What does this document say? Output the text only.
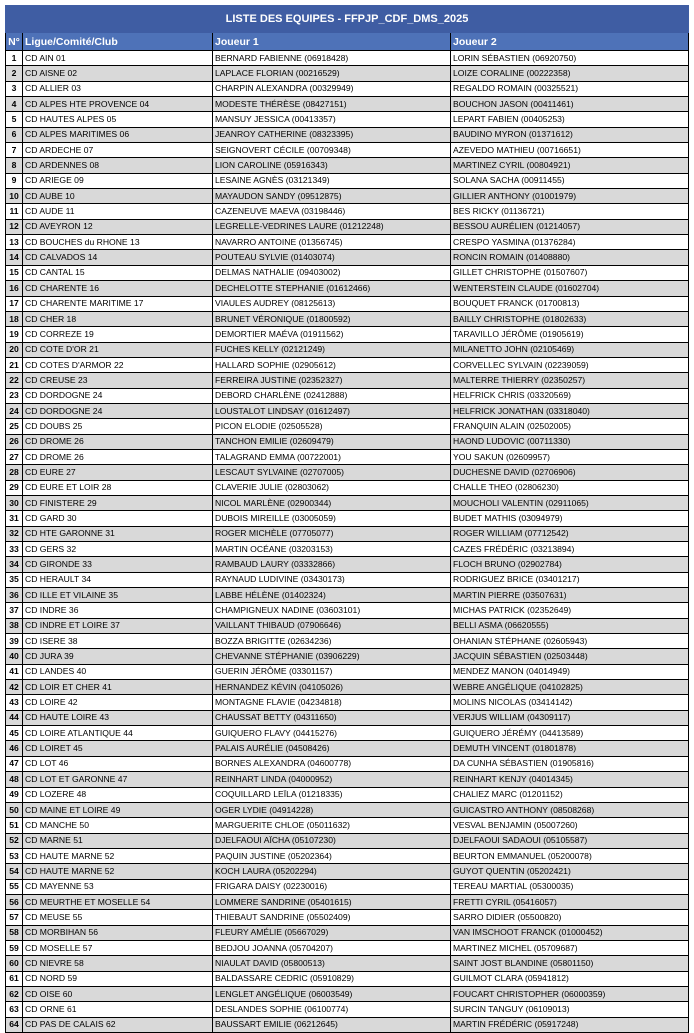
LISTE DES EQUIPES - FFPJP_CDF_DMS_2025			
N°	Ligue/Comité/Club	Joueur 1	Joueur 2
1	CD AIN 01	BERNARD FABIENNE (06918428)	LORIN SÉBASTIEN (06920750)
2	CD AISNE 02	LAPLACE FLORIAN (00216529)	LOIZE CORALINE (00222358)
3	CD ALLIER 03	CHARPIN ALEXANDRA (00329949)	REGALDO ROMAIN (00325521)
4	CD ALPES HTE PROVENCE 04	MODESTE THÉRÈSE (08427151)	BOUCHON JASON (00411461)
5	CD HAUTES ALPES 05	MANSUY JESSICA (00413357)	LEPART FABIEN (00405253)
6	CD ALPES MARITIMES 06	JEANROY CATHERINE (08323395)	BAUDINO MYRON (01371612)
7	CD ARDECHE 07	SEIGNOVERT CÉCILE (00709348)	AZEVEDO MATHIEU (00716651)
8	CD ARDENNES 08	LION CAROLINE (05916343)	MARTINEZ CYRIL (00804921)
9	CD ARIEGE 09	LESAINE AGNÈS (03121349)	SOLANA SACHA (00911455)
10	CD AUBE 10	MAYAUDON SANDY (09512875)	GILLIER ANTHONY (01001979)
11	CD AUDE 11	CAZENEUVE MAEVA (03198446)	BES RICKY (01136721)
12	CD AVEYRON 12	LEGRELLE-VEDRINES LAURE (01212248)	BESSOU AURÉLIEN (01214057)
13	CD BOUCHES du RHONE 13	NAVARRO ANTOINE (01356745)	CRESPO YASMINA (01376284)
14	CD CALVADOS 14	POUTEAU SYLVIE (01403074)	RONCIN ROMAIN (01408880)
15	CD CANTAL 15	DELMAS NATHALIE (09403002)	GILLET CHRISTOPHE (01507607)
16	CD CHARENTE 16	DECHELOTTE STEPHANIE (01612466)	WENTERSTEIN CLAUDE (01602704)
17	CD CHARENTE MARITIME 17	VIAULES AUDREY (08125613)	BOUQUET FRANCK (01700813)
18	CD CHER 18	BRUNET VÉRONIQUE (01800592)	BAILLY CHRISTOPHE (01802633)
19	CD CORREZE 19	DEMORTIER MAÉVA (01911562)	TARAVILLO JÉRÔME (01905619)
20	CD COTE D'OR 21	FUCHES KELLY (02121249)	MILANETTO JOHN (02105469)
21	CD COTES D'ARMOR 22	HALLARD SOPHIE (02905612)	CORVELLEC SYLVAIN (02239059)
22	CD CREUSE 23	FERREIRA JUSTINE (02352327)	MALTERRE THIERRY (02350257)
23	CD DORDOGNE 24	DEBORD CHARLÈNE (02412888)	HELFRICK CHRIS (03320569)
24	CD DORDOGNE 24	LOUSTALOT LINDSAY (01612497)	HELFRICK JONATHAN (03318040)
25	CD DOUBS 25	PICON ELODIE (02505528)	FRANQUIN ALAIN (02502005)
26	CD DROME 26	TANCHON EMILIE (02609479)	HAOND LUDOVIC (00711330)
27	CD DROME 26	TALAGRAND EMMA (00722001)	YOU SAKUN (02609957)
28	CD EURE 27	LESCAUT SYLVAINE (02707005)	DUCHESNE DAVID (02706906)
29	CD EURE ET LOIR 28	CLAVERIE JULIE (02803062)	CHALLE THEO (02806230)
30	CD FINISTERE 29	NICOL MARLÈNE (02900344)	MOUCHOLI VALENTIN (02911065)
31	CD GARD 30	DUBOIS MIREILLE (03005059)	BUDET MATHIS (03094979)
32	CD HTE GARONNE 31	ROGER MICHÈLE (07705077)	ROGER WILLIAM (07712542)
33	CD GERS 32	MARTIN OCÉANE (03203153)	CAZES FRÉDÉRIC (03213894)
34	CD GIRONDE 33	RAMBAUD LAURY (03332866)	FLOCH BRUNO (02902784)
35	CD HERAULT 34	RAYNAUD LUDIVINE (03430173)	RODRIGUEZ BRICE (03401217)
36	CD ILLE ET VILAINE 35	LABBE HÉLÈNE (01402324)	MARTIN PIERRE (03507631)
37	CD INDRE 36	CHAMPIGNEUX NADINE (03603101)	MICHAS PATRICK (02352649)
38	CD INDRE ET LOIRE 37	VAILLANT THIBAUD (07906646)	BELLI ASMA (06620555)
39	CD ISERE 38	BOZZA BRIGITTE (02634236)	OHANIAN STÉPHANE (02605943)
40	CD JURA 39	CHEVANNE STÉPHANIE (03906229)	JACQUIN SÉBASTIEN (02503448)
41	CD LANDES 40	GUERIN JÉRÔME (03301157)	MENDEZ MANON (04014949)
42	CD LOIR ET CHER 41	HERNANDEZ KÉVIN (04105026)	WEBRE ANGÉLIQUE (04102825)
43	CD LOIRE 42	MONTAGNE FLAVIE (04234818)	MOLINS NICOLAS (03414142)
44	CD HAUTE LOIRE 43	CHAUSSAT BETTY (04311650)	VERJUS WILLIAM (04309117)
45	CD LOIRE ATLANTIQUE 44	GUIQUERO FLAVY (04415276)	GUIQUERO JÉRÉMY (04413589)
46	CD LOIRET 45	PALAIS AURÉLIE (04508426)	DEMUTH VINCENT (01801878)
47	CD LOT 46	BORNES ALEXANDRA (04600778)	DA CUNHA SÉBASTIEN (01905816)
48	CD LOT ET GARONNE 47	REINHART LINDA (04000952)	REINHART KENJY (04014345)
49	CD LOZERE 48	COQUILLARD LEÏLA (01218335)	CHALIEZ MARC (01201152)
50	CD MAINE ET LOIRE 49	OGER LYDIE (04914228)	GUICASTRO ANTHONY (08508268)
51	CD MANCHE 50	MARGUERITE CHLOE (05011632)	VESVAL BENJAMIN (05007260)
52	CD MARNE 51	DJELFAOUI AÏCHA (05107230)	DJELFAOUI SADAOUI (05105587)
53	CD HAUTE MARNE 52	PAQUIN JUSTINE (05202364)	BEURTON EMMANUEL (05200078)
54	CD HAUTE MARNE 52	KOCH LAURA (05202294)	GUYOT QUENTIN (05202421)
55	CD MAYENNE 53	FRIGARA DAISY (02230016)	TEREAU MARTIAL (05300035)
56	CD MEURTHE ET MOSELLE 54	LOMMERE SANDRINE (05401615)	FRETTI CYRIL (05416057)
57	CD MEUSE 55	THIEBAUT SANDRINE (05502409)	SARRO DIDIER (05500820)
58	CD MORBIHAN 56	FLEURY AMÉLIE (05667029)	VAN IMSCHOOT FRANCK (01000452)
59	CD MOSELLE 57	BEDJOU JOANNA (05704207)	MARTINEZ MICHEL (05709687)
60	CD NIEVRE 58	NIAULAT DAVID (05800513)	SAINT JOST BLANDINE (05801150)
61	CD NORD 59	BALDASSARE CEDRIC (05910829)	GUILMOT CLARA (05941812)
62	CD OISE 60	LENGLET ANGÉLIQUE (06003549)	FOUCART CHRISTOPHER (06000359)
63	CD ORNE 61	DESLANDES SOPHIE (06100774)	SURCIN TANGUY (06109013)
64	CD PAS DE CALAIS 62	BAUSSART EMILIE (06212645)	MARTIN FRÉDÉRIC (05917248)
